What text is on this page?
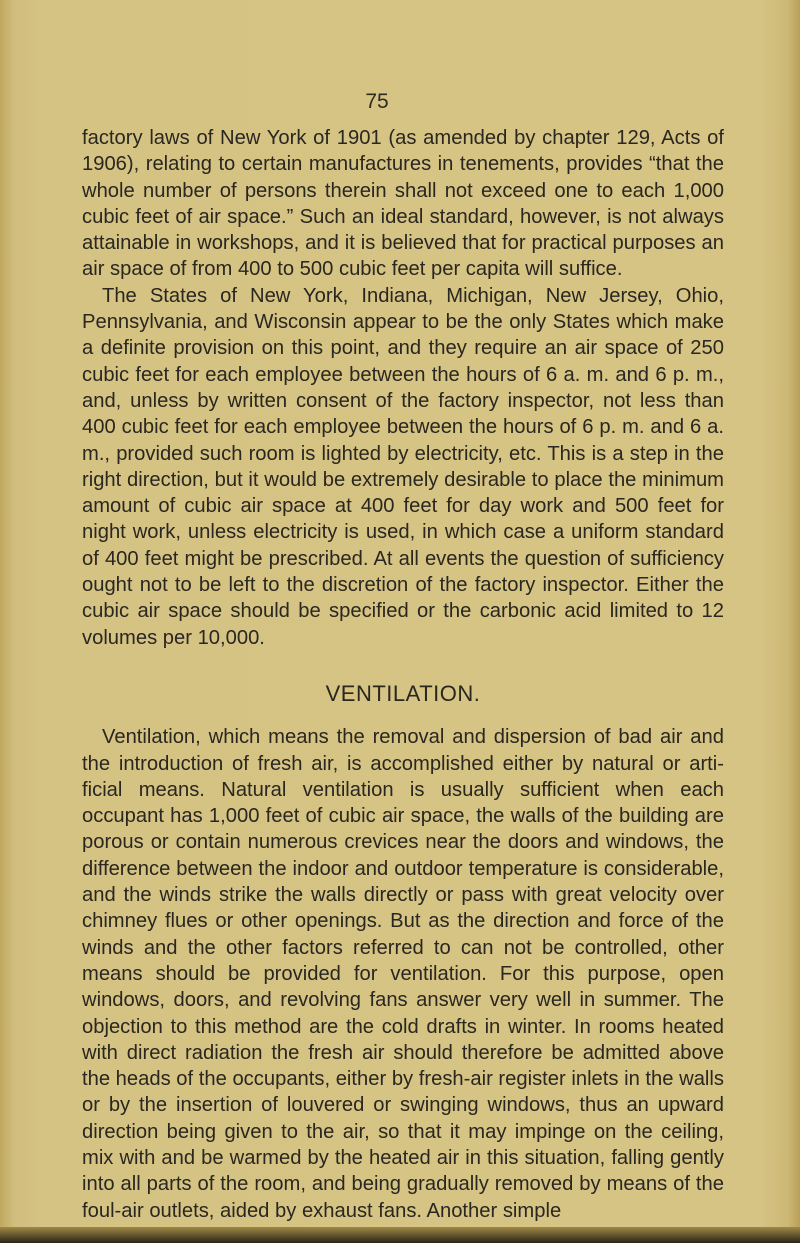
75

factory laws of New York of 1901 (as amended by chapter 129, Acts of 1906), relating to certain manufactures in tenements, provides “that the whole number of persons therein shall not exceed one to each 1,000 cubic feet of air space.” Such an ideal standard, however, is not always attainable in workshops, and it is believed that for practical purposes an air space of from 400 to 500 cubic feet per capita will suffice.

The States of New York, Indiana, Michigan, New Jersey, Ohio, Pennsylvania, and Wisconsin appear to be the only States which make a definite provision on this point, and they require an air space of 250 cubic feet for each employee between the hours of 6 a. m. and 6 p. m., and, unless by written consent of the factory inspector, not less than 400 cubic feet for each employee between the hours of 6 p. m. and 6 a. m., provided such room is lighted by electricity, etc. This is a step in the right direction, but it would be extremely desirable to place the minimum amount of cubic air space at 400 feet for day work and 500 feet for night work, unless electricity is used, in which case a uniform standard of 400 feet might be prescribed. At all events the question of sufficiency ought not to be left to the discretion of the factory inspector. Either the cubic air space should be specified or the carbonic acid limited to 12 volumes per 10,000.

VENTILATION.

Ventilation, which means the removal and dispersion of bad air and the introduction of fresh air, is accomplished either by natural or arti- ficial means. Natural ventilation is usually sufficient when each occupant has 1,000 feet of cubic air space, the walls of the building are porous or contain numerous crevices near the doors and windows, the difference between the indoor and outdoor temperature is considerable, and the winds strike the walls directly or pass with great velocity over chimney flues or other openings. But as the direction and force of the winds and the other factors referred to can not be controlled, other means should be provided for ventilation. For this purpose, open windows, doors, and revolving fans answer very well in summer. The objection to this method are the cold drafts in winter. In rooms heated with direct radiation the fresh air should therefore be admitted above the heads of the occupants, either by fresh-air register inlets in the walls or by the insertion of louvered or swinging windows, thus an upward direction being given to the air, so that it may impinge on the ceiling, mix with and be warmed by the heated air in this situation, falling gently into all parts of the room, and being gradually removed by means of the foul-air outlets, aided by exhaust fans. Another simple
